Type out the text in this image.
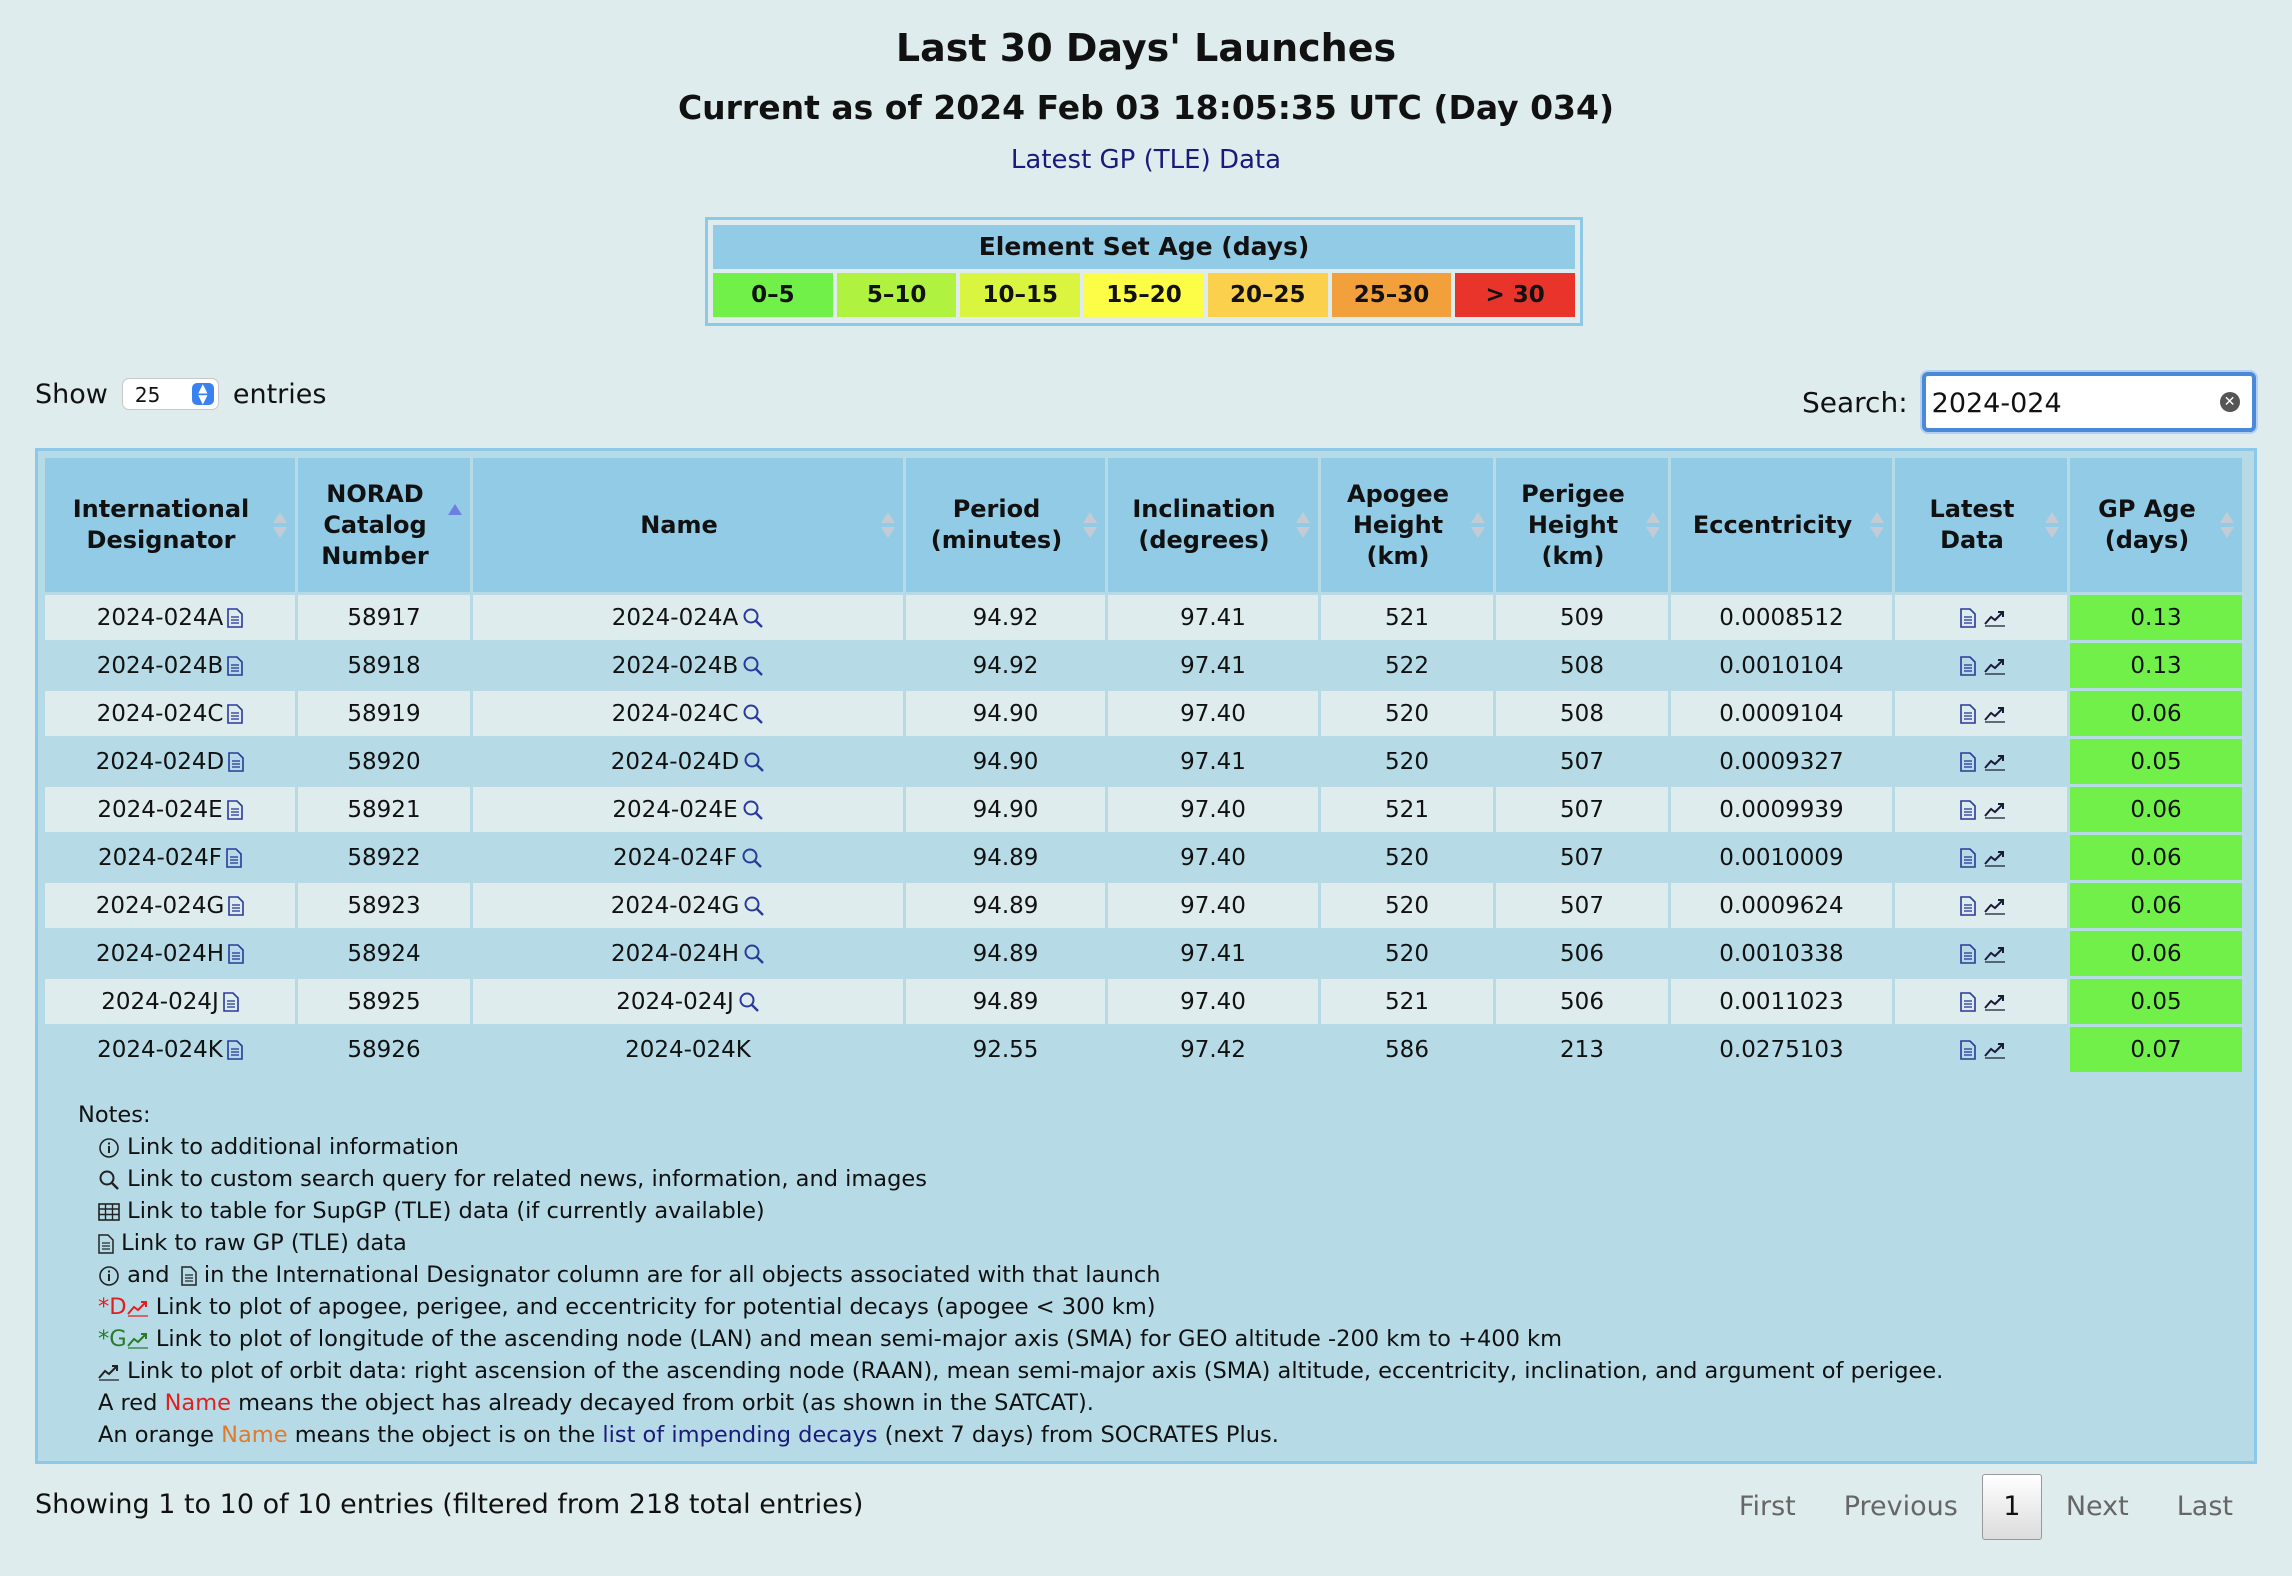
Last 30 Days' Launches
Current as of 2024 Feb 03 18:05:35 UTC (Day 034)
Latest GP (TLE) Data
Element Set Age (days)
0–5	5–10	10–15	15–20	20–25	25–30	> 30
Show	25	▲
▼ entries	Search:
2024-024	✕
International Designator	NORAD Catalog Number	Name	Period (minutes)	Inclination (degrees)	Apogee Height (km)	Perigee Height (km)	Eccentricity	Latest Data	GP Age (days)

2024-024A	58917	2024-024A	94.92	97.41	521	509	0.0008512		0.13
2024-024B	58918	2024-024B	94.92	97.41	522	508	0.0010104		0.13
2024-024C	58919	2024-024C	94.90	97.40	520	508	0.0009104		0.06
2024-024D	58920	2024-024D	94.90	97.41	520	507	0.0009327		0.05
2024-024E	58921	2024-024E	94.90	97.40	521	507	0.0009939		0.06
2024-024F	58922	2024-024F	94.89	97.40	520	507	0.0010009		0.06
2024-024G	58923	2024-024G	94.89	97.40	520	507	0.0009624		0.06
2024-024H	58924	2024-024H	94.89	97.41	520	506	0.0010338		0.06
2024-024J	58925	2024-024J	94.89	97.40	521	506	0.0011023		0.05
2024-024K	58926	2024-024K	92.55	97.42	586	213	0.0275103		0.07
Notes:
Link to additional information
Link to custom search query for related news, information, and images
Link to table for SupGP (TLE) data (if currently available)
Link to raw GP (TLE) data
and in the International Designator column are for all objects associated with that launch
*D Link to plot of apogee, perigee, and eccentricity for potential decays (apogee < 300 km)
*G Link to plot of longitude of the ascending node (LAN) and mean semi-major axis (SMA) for GEO altitude -200 km to +400 km
Link to plot of orbit data: right ascension of the ascending node (RAAN), mean semi-major axis (SMA) altitude, eccentricity, inclination, and argument of perigee.
A red Name means the object has already decayed from orbit (as shown in the SATCAT).
An orange Name means the object is on the list of impending decays (next 7 days) from SOCRATES Plus.
Showing 1 to 10 of 10 entries (filtered from 218 total entries)	First	Previous	1	Next	Last
